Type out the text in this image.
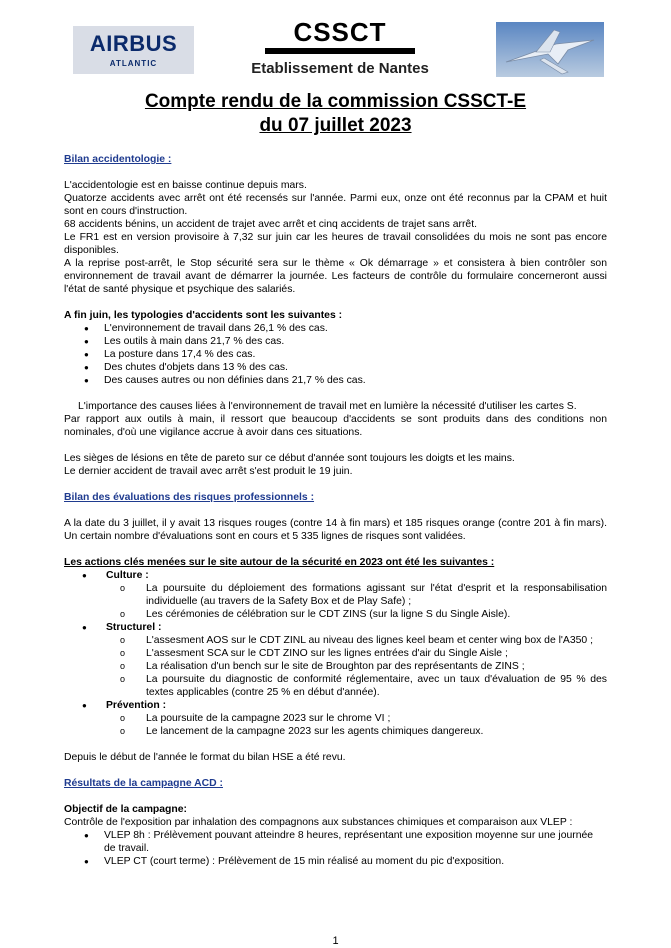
AIRBUS
ATLANTIC
CSSCT
Etablissement de Nantes
Compte rendu de la commission CSSCT-E
du 07 juillet 2023

Bilan accidentologie :

L'accidentologie est en baisse continue depuis mars.

Quatorze accidents avec arrêt ont été recensés sur l'année. Parmi eux, onze ont été reconnus par la CPAM et huit sont en cours d'instruction.

68 accidents bénins, un accident de trajet avec arrêt et cinq accidents de trajet sans arrêt.

Le FR1 est en version provisoire à 7,32 sur juin car les heures de travail consolidées du mois ne sont pas encore disponibles.

A la reprise post-arrêt, le Stop sécurité sera sur le thème « Ok démarrage » et consistera à bien contrôler son environnement de travail avant de démarrer la journée. Les facteurs de contrôle du formulaire concerneront aussi l'état de santé physique et psychique des salariés.

A fin juin, les typologies d'accidents sont les suivantes :

● L'environnement de travail dans 26,1 % des cas.
● Les outils à main dans 21,7 % des cas.
● La posture dans 17,4 % des cas.
● Des chutes d'objets dans 13 % des cas.
● Des causes autres ou non définies dans 21,7 % des cas.

L'importance des causes liées à l'environnement de travail met en lumière la nécessité d'utiliser les cartes S.

Par rapport aux outils à main, il ressort que beaucoup d'accidents se sont produits dans des conditions non nominales, d'où une vigilance accrue à avoir dans ces situations.

Les sièges de lésions en tête de pareto sur ce début d'année sont toujours les doigts et les mains.

Le dernier accident de travail avec arrêt s'est produit le 19 juin.

Bilan des évaluations des risques professionnels :

A la date du 3 juillet, il y avait 13 risques rouges (contre 14 à fin mars) et 185 risques orange (contre 201 à fin mars). Un certain nombre d'évaluations sont en cours et 5 335 lignes de risques sont validées.

Les actions clés menées sur le site autour de la sécurité en 2023 ont été les suivantes :

● Culture :
o La poursuite du déploiement des formations agissant sur l'état d'esprit et la responsabilisation individuelle (au travers de la Safety Box et de Play Safe) ;
o Les cérémonies de célébration sur le CDT ZINS (sur la ligne S du Single Aisle).
● Structurel :
o L'assesment AOS sur le CDT ZINL au niveau des lignes keel beam et center wing box de l'A350 ;
o L'assesment SCA sur le CDT ZINO sur les lignes entrées d'air du Single Aisle ;
o La réalisation d'un bench sur le site de Broughton par des représentants de ZINS ;
o La poursuite du diagnostic de conformité réglementaire, avec un taux d'évaluation de 95 % des textes applicables (contre 25 % en début d'année).
● Prévention :
o La poursuite de la campagne 2023 sur le chrome VI ;
o Le lancement de la campagne 2023 sur les agents chimiques dangereux.

Depuis le début de l'année le format du bilan HSE a été revu.

Résultats de la campagne ACD :

Objectif de la campagne:

Contrôle de l'exposition par inhalation des compagnons aux substances chimiques et comparaison aux VLEP :

● VLEP 8h : Prélèvement pouvant atteindre 8 heures, représentant une exposition moyenne sur une journée de travail.
● VLEP CT (court terme) : Prélèvement de 15 min réalisé au moment du pic d'exposition.
1
